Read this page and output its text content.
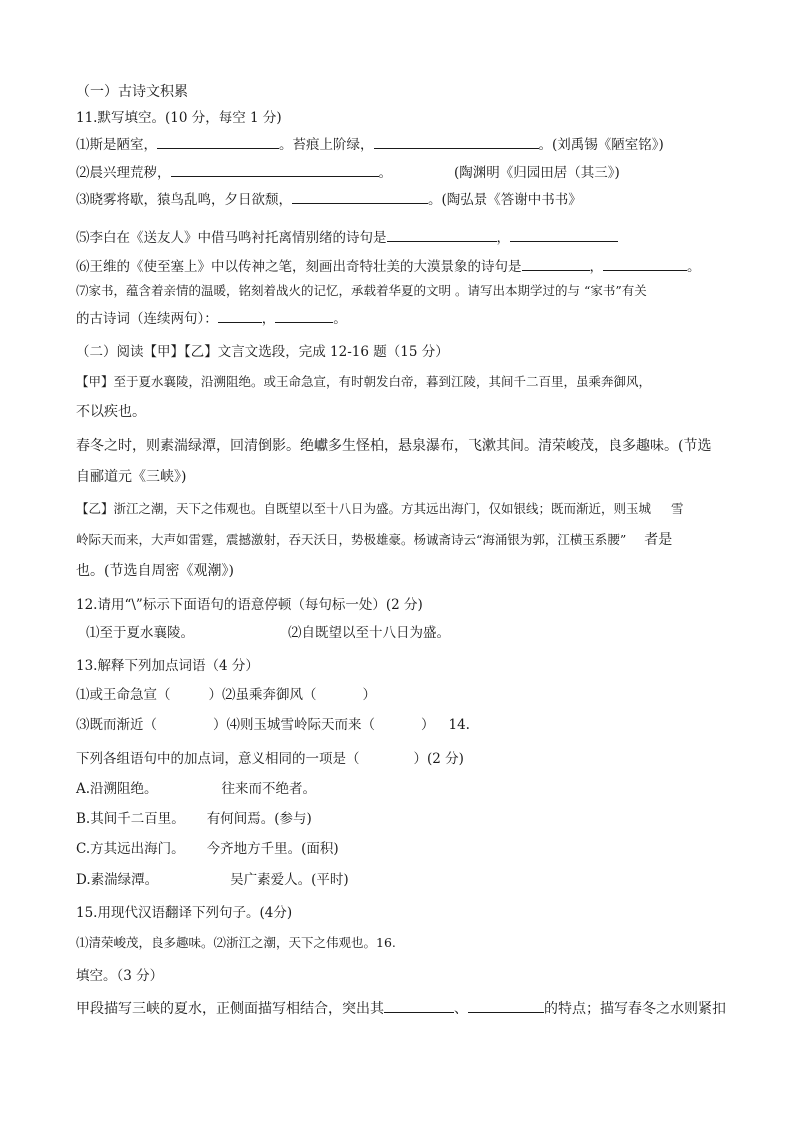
（一）古诗文积累
11.默写填空。(10 分，每空 1 分)
⑴斯是陋室，	。苔痕上阶绿，	。(刘禹锡《陋室铭》)
⑵晨兴理荒秽，	。	(陶渊明《归园田居（其三》)
⑶晓雾将歇，猿鸟乱鸣，夕日欲颓，	。(陶弘景《答谢中书书》
⑸李白在《送友人》中借马鸣衬托离情别绪的诗句是	，
⑹王维的《使至塞上》中以传神之笔，刻画出奇特壮美的大漠景象的诗句是	，	。
⑺家书，蕴含着亲情的温暖，铭刻着战火的记忆，承载着华夏的文明 。请写出本期学过的与 “家书”有关
的古诗词（连续两句）：	，	。
（二）阅读【甲】【乙】文言文选段，完成 12-16 题（15 分）
【甲】至于夏水襄陵，沿溯阻绝。或王命急宣，有时朝发白帝，暮到江陵，其间千二百里，虽乘奔御风，
不以疾也。
春冬之时，则素湍绿潭，回清倒影。绝巘多生怪柏，悬泉瀑布，飞漱其间。清荣峻茂，良多趣味。(节选
自郦道元《三峡》)
【乙】浙江之潮，天下之伟观也。自既望以至十八日为盛。方其远出海门，仅如银线；既而渐近，则玉城 雪
岭际天而来，大声如雷霆，震撼激射，吞天沃日，势极雄豪。杨诚斋诗云“海涌银为郭，江横玉系腰” 者是
也。(节选自周密《观潮》)
12.请用“\”标示下面语句的语意停顿（每句标一处）(2 分)
⑴至于夏水襄陵。	⑵自既望以至十八日为盛。
13.解释下列加点词语（4 分）
⑴或王命急宣（	）⑵虽乘奔御风（	）
⑶既而渐近（	）⑷则玉城雪岭际天而来（	） 14.
下列各组语句中的加点词，意义相同的一项是（	）(2 分)
A.沿溯阻绝。	往来而不绝者。
B.其间千二百里。 有何间焉。(参与)
C.方其远出海门。 今齐地方千里。(面积)
D.素湍绿潭。	吴广素爱人。(平时)
15.用现代汉语翻译下列句子。(4分)
⑴清荣峻茂，良多趣味。⑵浙江之潮，天下之伟观也。16.
填空。（3 分）
甲段描写三峡的夏水，正侧面描写相结合，突出其	、	的特点；描写春冬之水则紧扣
